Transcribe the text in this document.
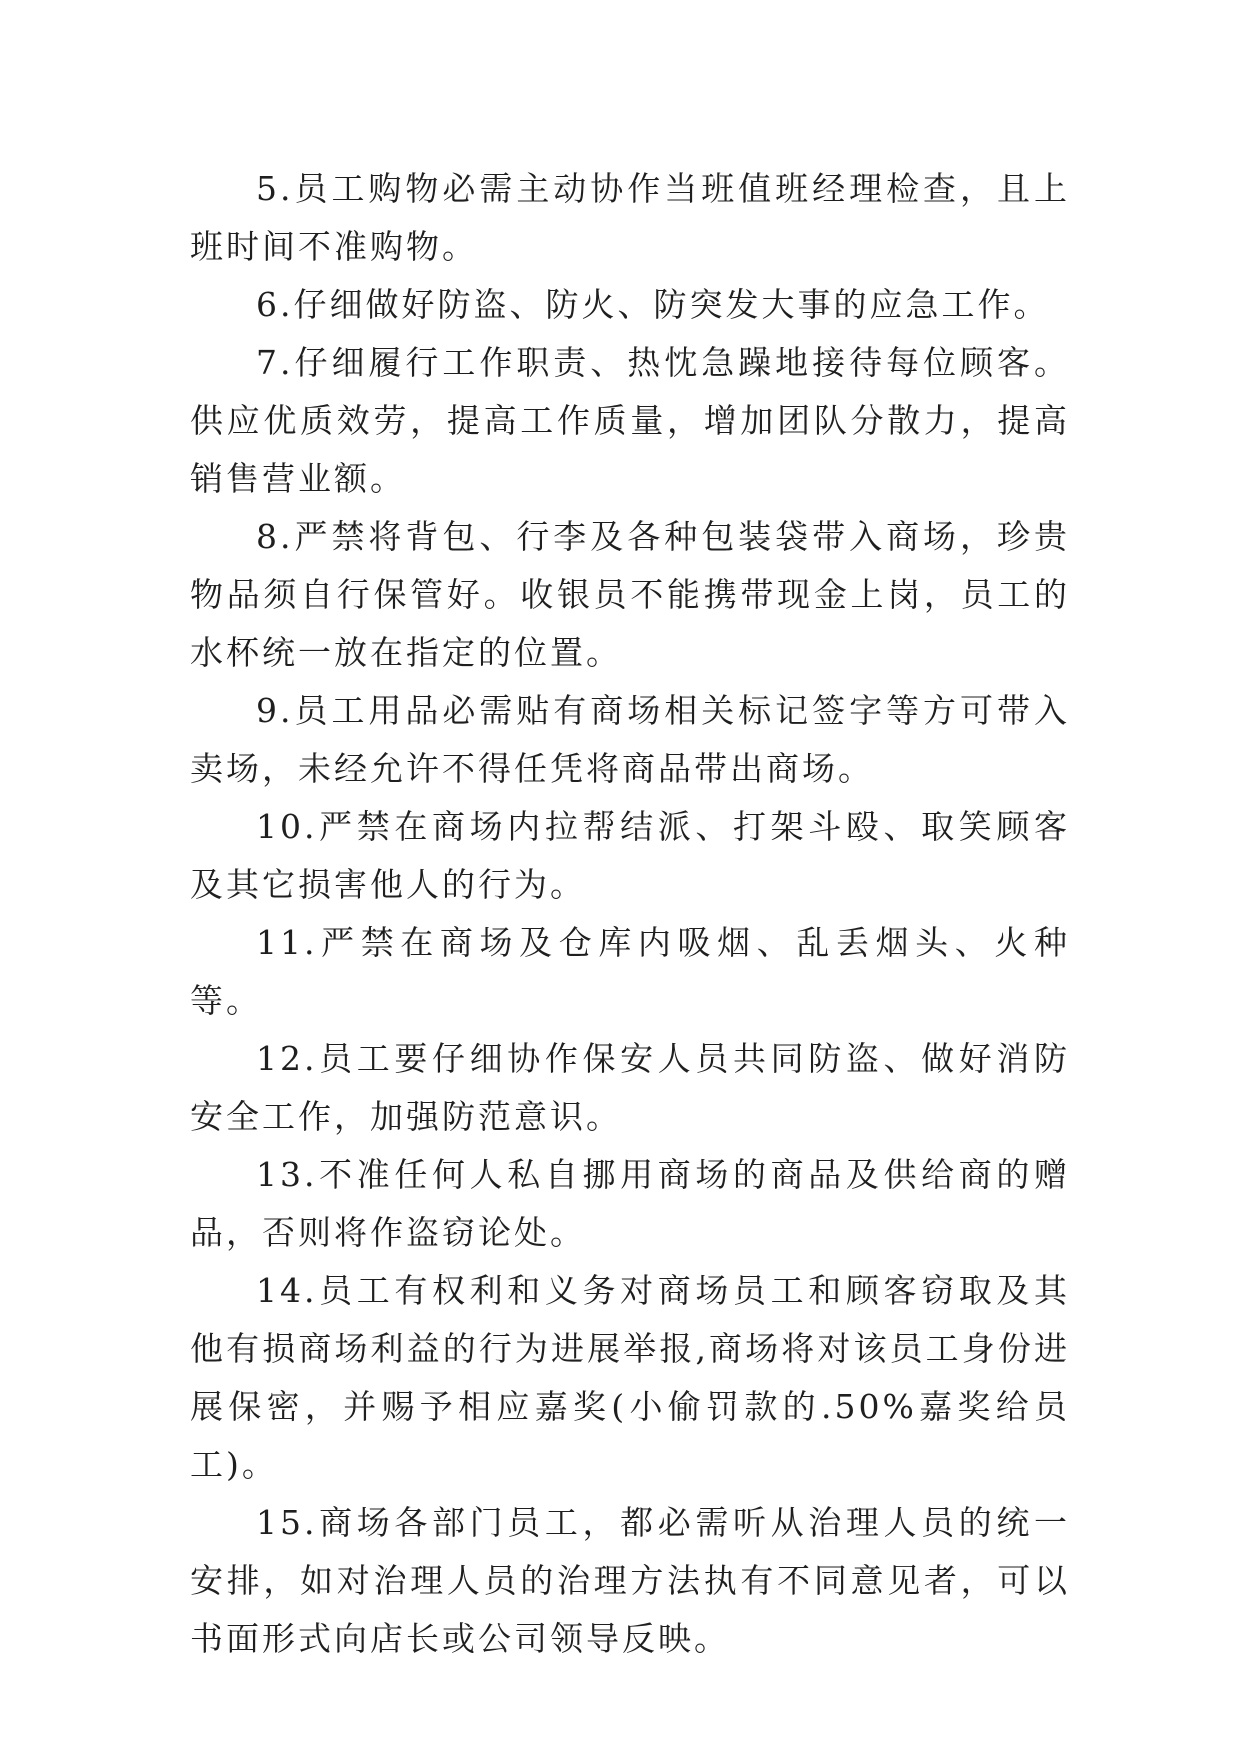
5.员工购物必需主动协作当班值班经理检查，且上班时间不准购物。

6.仔细做好防盗、防火、防突发大事的应急工作。

7.仔细履行工作职责、热忱急躁地接待每位顾客。供应优质效劳，提高工作质量，增加团队分散力，提高销售营业额。

8.严禁将背包、行李及各种包装袋带入商场，珍贵物品须自行保管好。收银员不能携带现金上岗，员工的水杯统一放在指定的位置。

9.员工用品必需贴有商场相关标记签字等方可带入卖场，未经允许不得任凭将商品带出商场。

10.严禁在商场内拉帮结派、打架斗殴、取笑顾客及其它损害他人的行为。

11.严禁在商场及仓库内吸烟、乱丢烟头、火种等。

12.员工要仔细协作保安人员共同防盗、做好消防安全工作，加强防范意识。

13.不准任何人私自挪用商场的商品及供给商的赠品，否则将作盗窃论处。

14.员工有权利和义务对商场员工和顾客窃取及其他有损商场利益的行为进展举报,商场将对该员工身份进展保密，并赐予相应嘉奖(小偷罚款的.50%嘉奖给员工)。

15.商场各部门员工，都必需听从治理人员的统一安排，如对治理人员的治理方法执有不同意见者，可以书面形式向店长或公司领导反映。
